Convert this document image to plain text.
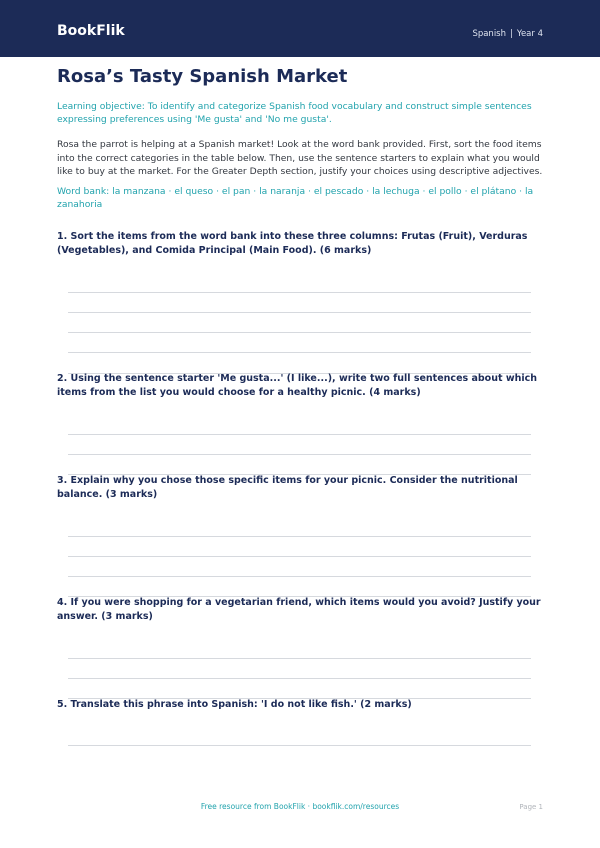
BookFlik	Spanish | Year 4
Rosa’s Tasty Spanish Market

Learning objective: To identify and categorize Spanish food vocabulary and construct simple sentences expressing preferences using 'Me gusta' and 'No me gusta'.

Rosa the parrot is helping at a Spanish market! Look at the word bank provided. First, sort the food items into the correct categories in the table below. Then, use the sentence starters to explain what you would like to buy at the market. For the Greater Depth section, justify your choices using descriptive adjectives.

Word bank: la manzana · el queso · el pan · la naranja · el pescado · la lechuga · el pollo · el plátano · la zanahoria

1. Sort the items from the word bank into these three columns: Frutas (Fruit), Verduras (Vegetables), and Comida Principal (Main Food). (6 marks)

2. Using the sentence starter 'Me gusta...' (I like...), write two full sentences about which items from the list you would choose for a healthy picnic. (4 marks)

3. Explain why you chose those specific items for your picnic. Consider the nutritional balance. (3 marks)

4. If you were shopping for a vegetarian friend, which items would you avoid? Justify your answer. (3 marks)

5. Translate this phrase into Spanish: 'I do not like fish.' (2 marks)

Free resource from BookFlik · bookflik.com/resources	Page 1
